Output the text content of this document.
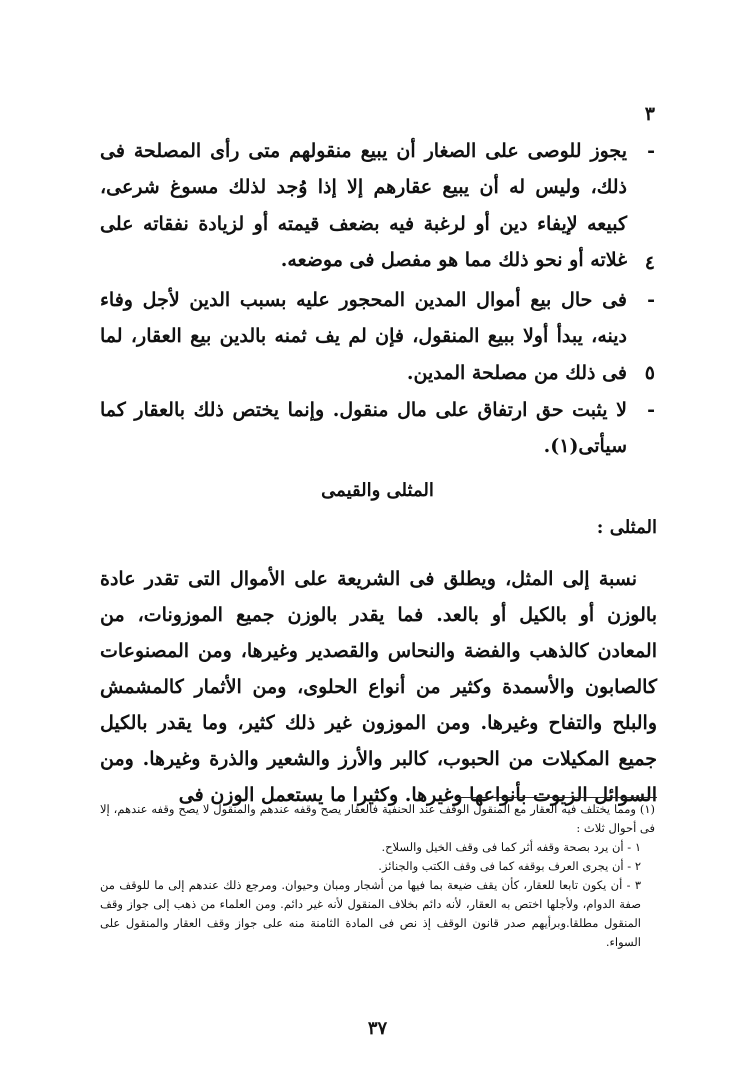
٣ -
يجوز للوصى على الصغار أن يبيع منقولهم متى رأى المصلحة فى ذلك، وليس له أن يبيع عقارهم إلا إذا وُجد لذلك مسوغ شرعى، كبيعه لإيفاء دين أو لرغبة فيه بضعف قيمته أو لزيادة نفقاته على غلاته أو نحو ذلك مما هو مفصل فى موضعه. ٤ -
فى حال بيع أموال المدين المحجور عليه بسبب الدين لأجل وفاء دينه، يبدأ أولا ببيع المنقول، فإن لم يف ثمنه بالدين بيع العقار، لما فى ذلك من مصلحة المدين. ٥ -
لا يثبت حق ارتفاق على مال منقول. وإنما يختص ذلك بالعقار كما سيأتى(١).
المثلى والقيمى
المثلى :
نسبة إلى المثل، ويطلق فى الشريعة على الأموال التى تقدر عادة بالوزن أو بالكيل أو بالعد. فما يقدر بالوزن جميع الموزونات، من المعادن كالذهب والفضة والنحاس والقصدير وغيرها، ومن المصنوعات كالصابون والأسمدة وكثير من أنواع الحلوى، ومن الأثمار كالمشمش والبلح والتفاح وغيرها. ومن الموزون غير ذلك كثير، وما يقدر بالكيل جميع المكيلات من الحبوب، كالبر والأرز والشعير والذرة وغيرها. ومن السوائل الزيوت بأنواعها وغيرها. وكثيرا ما يستعمل الوزن فى

(١) ومما يختلف فيه العقار مع المنقول الوقف عند الحنفية فالعقار يصح وقفه عندهم والمنقول لا يصح وقفه عندهم، إلا فى أحوال ثلاث :

١ - أن يرد بصحة وقفه أثر كما فى وقف الخيل والسلاح.

٢ - أن يجرى العرف بوقفه كما فى وقف الكتب والجنائز.

٣ - أن يكون تابعا للعقار، كأن يقف ضيعة بما فيها من أشجار ومبان وحيوان. ومرجع ذلك عندهم إلى ما للوقف من صفة الدوام، ولأجلها اختص به العقار، لأنه دائم بخلاف المنقول لأنه غير دائم. ومن العلماء من ذهب إلى جواز وقف المنقول مطلقا.وبرأيهم صدر قانون الوقف إذ نص فى المادة الثامنة منه على جواز وقف العقار والمنقول على السواء.

٣٧
